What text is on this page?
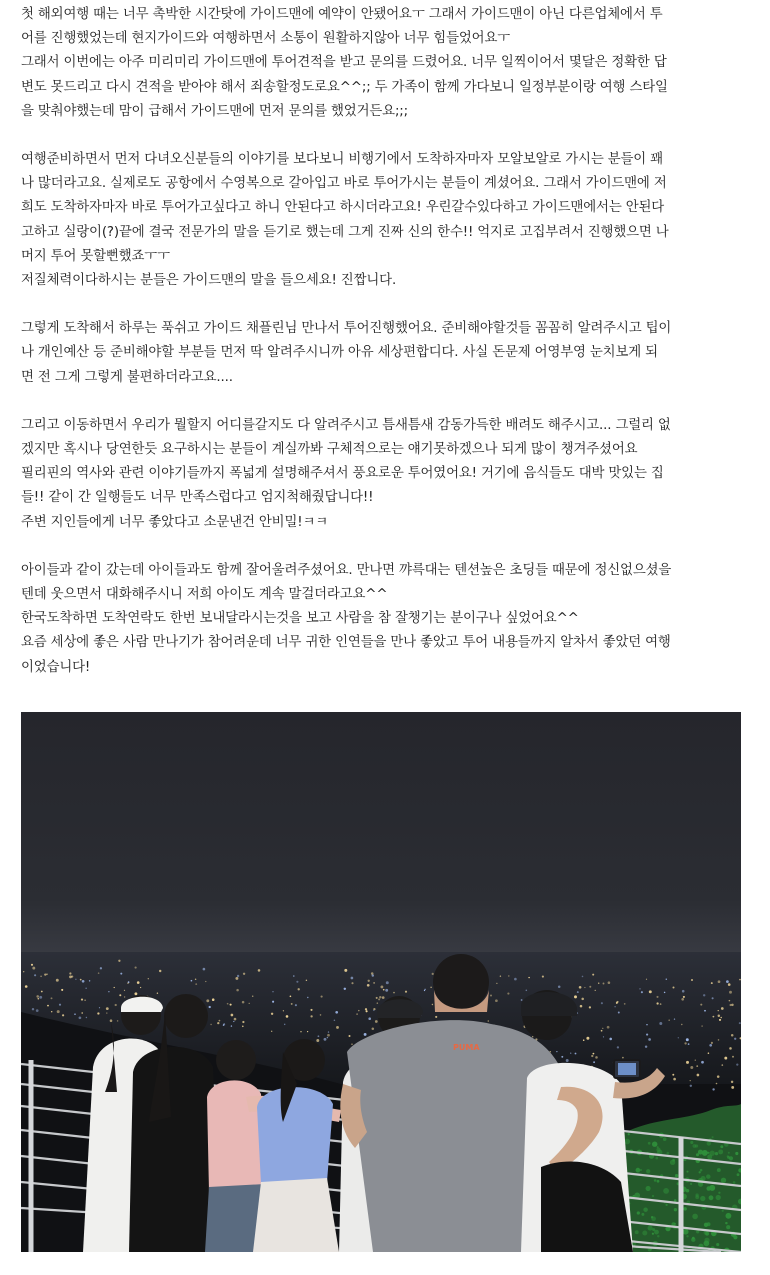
첫 해외여행 때는 너무 촉박한 시간탓에 가이드맨에 예약이 안됐어요ㅜ 그래서 가이드맨이 아닌 다른업체에서 투
어를 진행했었는데 현지가이드와 여행하면서 소통이 원활하지않아 너무 힘들었어요ㅜ
그래서 이번에는 아주 미리미리 가이드맨에 투어견적을 받고 문의를 드렸어요. 너무 일찍이어서 몇달은 정확한 답
변도 못드리고 다시 견적을 받아야 해서 죄송할정도로요^^;; 두 가족이 함께 가다보니 일정부분이랑 여행 스타일
을 맞춰야했는데 맘이 급해서 가이드맨에 먼저 문의를 했었거든요;;;

여행준비하면서 먼저 다녀오신분들의 이야기를 보다보니 비행기에서 도착하자마자 모알보알로 가시는 분들이 꽤
나 많더라고요. 실제로도 공항에서 수영복으로 갈아입고 바로 투어가시는 분들이 계셨어요. 그래서 가이드맨에 저
희도 도착하자마자 바로 투어가고싶다고 하니 안된다고 하시더라고요! 우린갈수있다하고 가이드맨에서는 안된다
고하고 실랑이(?)끝에 결국 전문가의 말을 듣기로 했는데 그게 진짜 신의 한수!! 억지로 고집부려서 진행했으면 나
머지 투어 못할뻔했죠ㅜㅜ
저질체력이다하시는 분들은 가이드맨의 말을 들으세요! 진짭니다.

그렇게 도착해서 하루는 푹쉬고 가이드 채플린님 만나서 투어진행했어요. 준비해야할것들 꼼꼼히 알려주시고 팁이
나 개인예산 등 준비해야할 부분들 먼저 딱 알려주시니까 아유 세상편합디다. 사실 돈문제 어영부영 눈치보게 되
면 전 그게 그렇게 불편하더라고요....

그리고 이동하면서 우리가 뭘할지 어디를갈지도 다 알려주시고 틈새틈새 감동가득한 배려도 해주시고... 그럴리 없
겠지만 혹시나 당연한듯 요구하시는 분들이 계실까봐 구체적으로는 얘기못하겠으나 되게 많이 챙겨주셨어요
필리핀의 역사와 관련 이야기들까지 폭넓게 설명해주셔서 풍요로운 투어였어요! 거기에 음식들도 대박 맛있는 집
들!! 같이 간 일행들도 너무 만족스럽다고 엄지척해줬답니다!!
주변 지인들에게 너무 좋았다고 소문낸건 안비밀!ㅋㅋ

아이들과 같이 갔는데 아이들과도 함께 잘어울려주셨어요. 만나면 꺄륵대는 텐션높은 초딩들 때문에 정신없으셨을
텐데 웃으면서 대화해주시니 저희 아이도 계속 말걸더라고요^^
한국도착하면 도착연락도 한번 보내달라시는것을 보고 사람을 참 잘챙기는 분이구나 싶었어요^^
요즘 세상에 좋은 사람 만나기가 참어려운데 너무 귀한 인연들을 만나 좋았고 투어 내용들까지 알차서 좋았던 여행
이었습니다!

PUMA
